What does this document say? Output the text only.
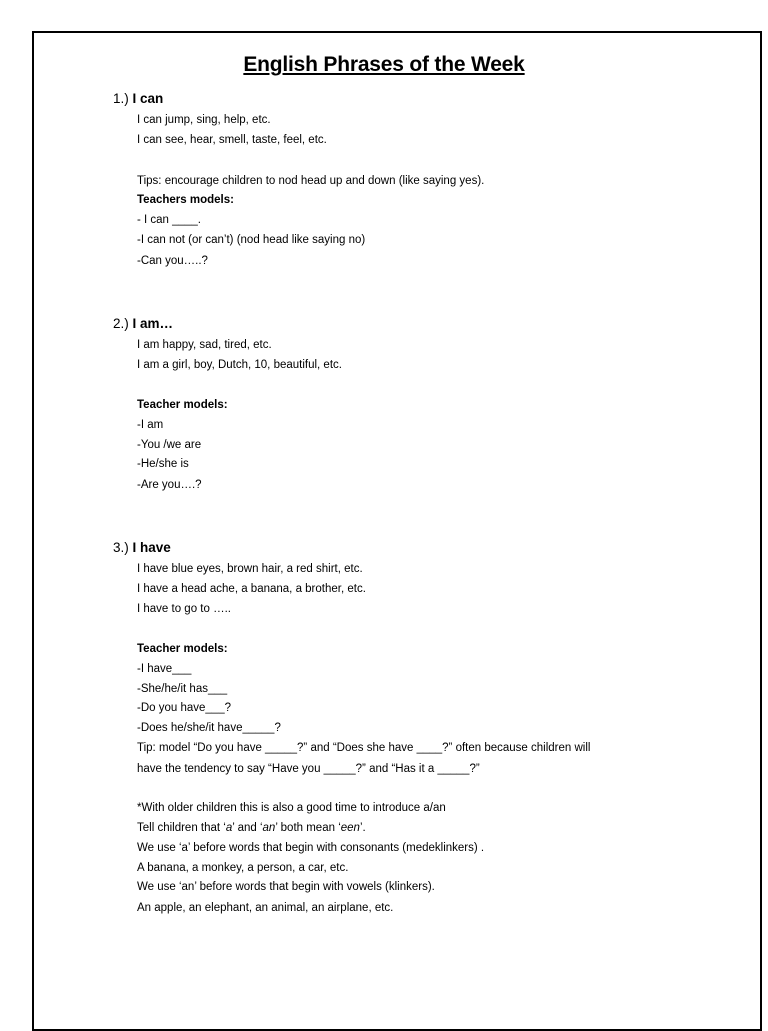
English Phrases of the Week
1.) I can
I can jump, sing, help, etc.
I can see, hear, smell, taste, feel, etc.
Tips: encourage children to nod head up and down (like saying yes).
Teachers models:
- I can ____.
-I can not (or can’t) (nod head like saying no)
-Can you…..?
2.) I am…
I am happy, sad, tired, etc.
I am a girl, boy, Dutch, 10, beautiful, etc.
Teacher models:
-I am
-You /we are
-He/she is
-Are you….?
3.) I have
I have blue eyes, brown hair, a red shirt, etc.
I have a head ache, a banana, a brother, etc.
I have to go to …..
Teacher models:
-I have___
-She/he/it has___
-Do you have___?
-Does he/she/it have_____?
Tip: model “Do you have _____?” and “Does she have ____?” often because children will
have the tendency to say “Have you _____?” and “Has it a _____?”
*With older children this is also a good time to introduce a/an
Tell children that ‘a’ and ‘an’ both mean ‘een’.
We use ‘a’ before words that begin with consonants (medeklinkers) .
A banana, a monkey, a person, a car, etc.
We use ‘an’ before words that begin with vowels (klinkers).
An apple, an elephant, an animal, an airplane, etc.
